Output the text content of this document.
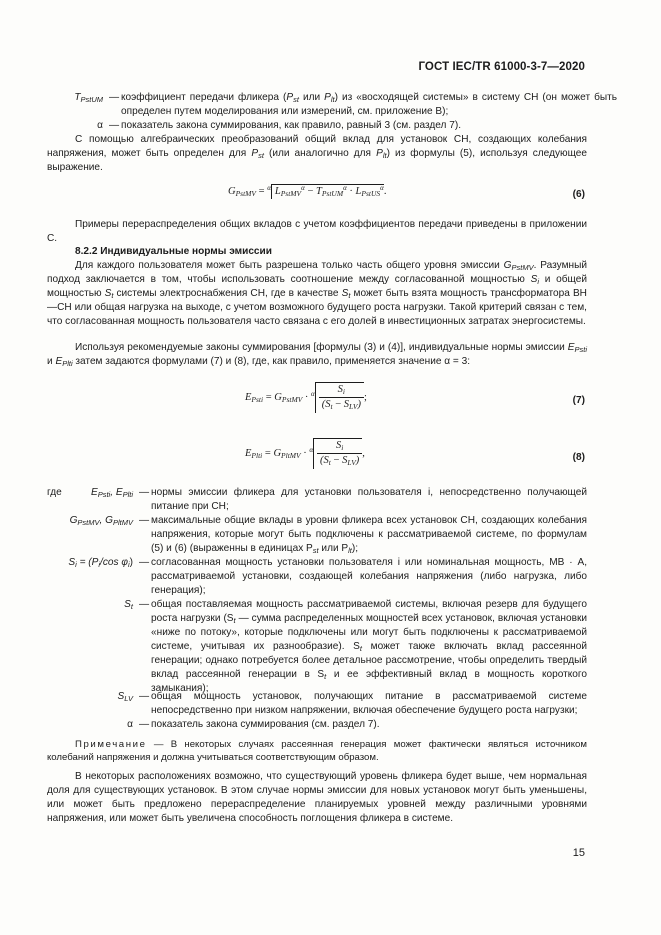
ГОСТ IEC/TR 61000-3-7—2020
$T_{PstUM}$ — коэффициент передачи фликера ($P_{st}$ или $P_{lt}$) из «восходящей системы» в систему СН (он может быть определен путем моделирования или измерений, см. приложение В);
α — показатель закона суммирования, как правило, равный 3 (см. раздел 7).
С помощью алгебраических преобразований общий вклад для установок СН, создающих колебания напряжения, может быть определен для $P_{st}$ (или аналогично для $P_{lt}$) из формулы (5), используя следующее выражение.
$G_{PstMV} = ^\alpha$ $L_{PstMV}^\alpha - T_{PstUM}^\alpha \cdot L_{PstUS}^\alpha$.	(6)
Примеры перераспределения общих вкладов с учетом коэффициентов передачи приведены в приложении С.
8.2.2 Индивидуальные нормы эмиссии
Для каждого пользователя может быть разрешена только часть общего уровня эмиссии $G_{PstMV}$. Разумный подход заключается в том, чтобы использовать соотношение между согласованной мощностью $S_i$ и общей мощностью $S_t$ системы электроснабжения СН, где в качестве $S_t$ может быть взята мощность трансформатора ВН—СН или общая нагрузка на выходе, с учетом возможного будущего роста нагрузки. Такой критерий связан с тем, что согласованная мощность пользователя часто связана с его долей в инвестиционных затратах энергосистемы.
Используя рекомендуемые законы суммирования [формулы (3) и (4)], индивидуальные нормы эмиссии $E_{Psti}$ и $E_{Plti}$ затем задаются формулами (7) и (8), где, как правило, применяется значение α = 3:
$E_{Psti} = G_{PstMV} \cdot ^\alpha \frac{S_i}{(S_t - S_{LV})}$ ;	(7)
$E_{Plti} = G_{PltMV} \cdot ^\alpha \frac{S_i}{(S_t - S_{LV})}$ ,	(8)
где	$E_{Psti}$, $E_{Plti}$ — нормы эмиссии фликера для установки пользователя i, непосредственно получающей питание при СН;
$G_{PstMV}$, $G_{PltMV}$ — максимальные общие вклады в уровни фликера всех установок СН, создающих колебания напряжения, которые могут быть подключены к рассматриваемой системе, по формулам (5) и (6) (выраженны в единицах $P_{st}$ или $P_{lt}$);
$S_i = (P_i/\cos$ $\varphi_i$) — согласованная мощность установки пользователя i или номинальная мощность, МВ · А, рассматриваемой установки, создающей колебания напряжения (либо нагрузка, либо генерация);
$S_t$ — общая поставляемая мощность рассматриваемой системы, включая резерв для будущего роста нагрузки ($S_t$ — сумма распределенных мощностей всех установок, включая установки «ниже по потоку», которые подключены или могут быть подключены к рассматриваемой системе, учитывая их разнообразие). $S_t$ может также включать вклад рассеянной генерации; однако потребуется более детальное рассмотрение, чтобы определить твердый вклад рассеянной генерации в $S_t$ и ее эффективный вклад в мощность короткого замыкания);
$S_{LV}$ — общая мощность установок, получающих питание в рассматриваемой системе непосредственно при низком напряжении, включая обеспечение будущего роста нагрузки;
α — показатель закона суммирования (см. раздел 7).
Примечание — В некоторых случаях рассеянная генерация может фактически являться источником колебаний напряжения и должна учитываться соответствующим образом.
В некоторых расположениях возможно, что существующий уровень фликера будет выше, чем нормальная доля для существующих установок. В этом случае нормы эмиссии для новых установок могут быть уменьшены, или может быть предложено перераспределение планируемых уровней между различными уровнями напряжения, или может быть увеличена способность поглощения фликера в системе.
15
